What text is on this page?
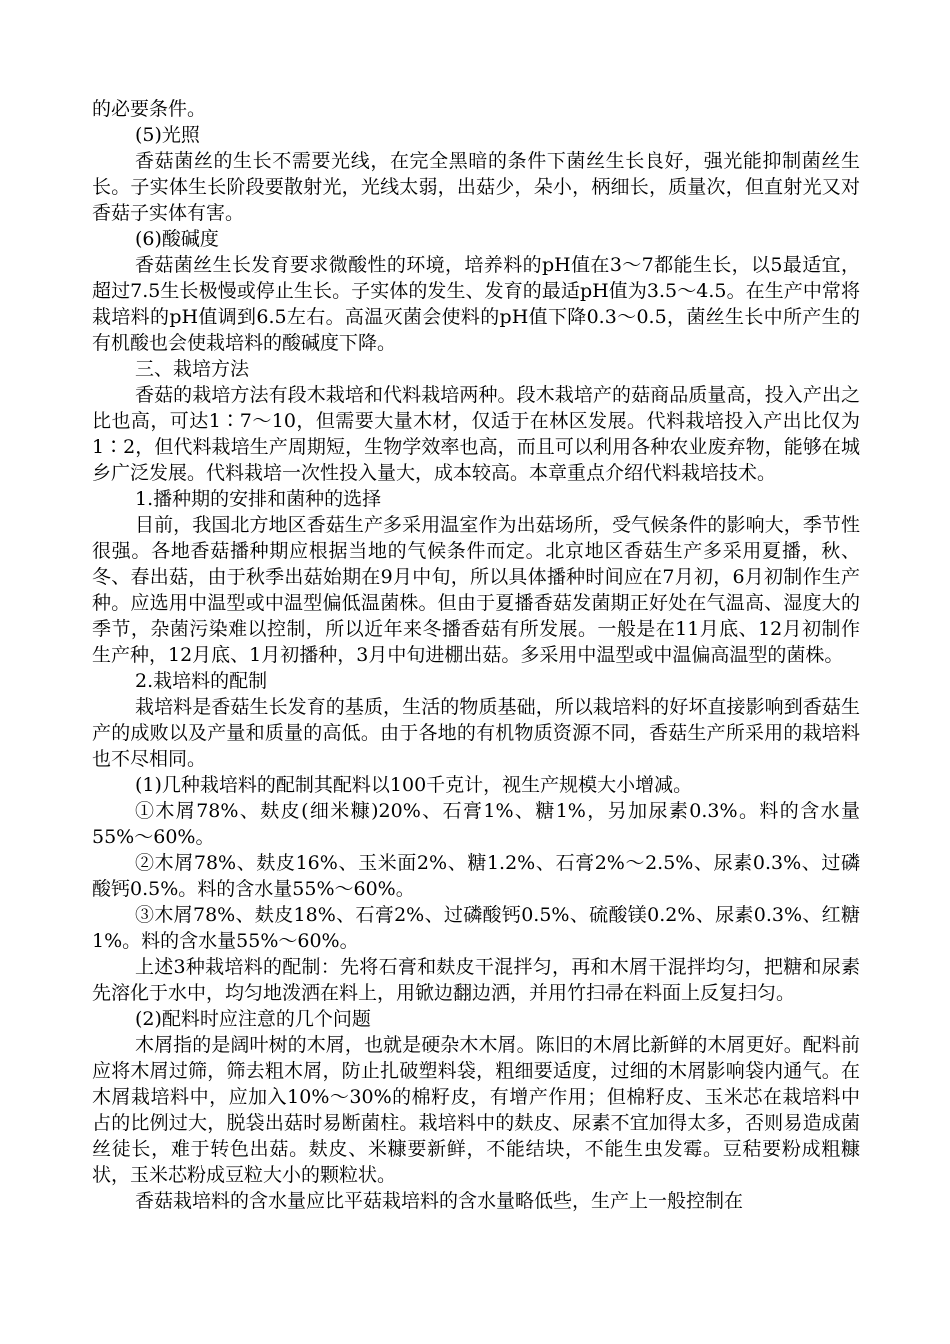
的必要条件。

(5)光照

香菇菌丝的生长不需要光线，在完全黑暗的条件下菌丝生长良好，强光能抑制菌丝生长。子实体生长阶段要散射光，光线太弱，出菇少，朵小，柄细长，质量次，但直射光又对香菇子实体有害。

(6)酸碱度

香菇菌丝生长发育要求微酸性的环境，培养料的pH值在3～7都能生长，以5最适宜，超过7.5生长极慢或停止生长。子实体的发生、发育的最适pH值为3.5～4.5。在生产中常将栽培料的pH值调到6.5左右。高温灭菌会使料的pH值下降0.3～0.5，菌丝生长中所产生的有机酸也会使栽培料的酸碱度下降。

三、栽培方法

香菇的栽培方法有段木栽培和代料栽培两种。段木栽培产的菇商品质量高，投入产出之比也高，可达1∶7～10，但需要大量木材，仅适于在林区发展。代料栽培投入产出比仅为1∶2，但代料栽培生产周期短，生物学效率也高，而且可以利用各种农业废弃物，能够在城乡广泛发展。代料栽培一次性投入量大，成本较高。本章重点介绍代料栽培技术。

1.播种期的安排和菌种的选择

目前，我国北方地区香菇生产多采用温室作为出菇场所，受气候条件的影响大，季节性很强。各地香菇播种期应根据当地的气候条件而定。北京地区香菇生产多采用夏播，秋、冬、春出菇，由于秋季出菇始期在9月中旬，所以具体播种时间应在7月初，6月初制作生产种。应选用中温型或中温型偏低温菌株。但由于夏播香菇发菌期正好处在气温高、湿度大的季节，杂菌污染难以控制，所以近年来冬播香菇有所发展。一般是在11月底、12月初制作生产种，12月底、1月初播种，3月中旬进棚出菇。多采用中温型或中温偏高温型的菌株。

2.栽培料的配制

栽培料是香菇生长发育的基质，生活的物质基础，所以栽培料的好坏直接影响到香菇生产的成败以及产量和质量的高低。由于各地的有机物质资源不同，香菇生产所采用的栽培料也不尽相同。

(1)几种栽培料的配制其配料以100千克计，视生产规模大小增减。

①木屑78%、麸皮(细米糠)20%、石膏1%、糖1%，另加尿素0.3%。料的含水量55%～60%。

②木屑78%、麸皮16%、玉米面2%、糖1.2%、石膏2%～2.5%、尿素0.3%、过磷酸钙0.5%。料的含水量55%～60%。

③木屑78%、麸皮18%、石膏2%、过磷酸钙0.5%、硫酸镁0.2%、尿素0.3%、红糖1%。料的含水量55%～60%。

上述3种栽培料的配制：先将石膏和麸皮干混拌匀，再和木屑干混拌均匀，把糖和尿素先溶化于水中，均匀地泼洒在料上，用锨边翻边洒，并用竹扫帚在料面上反复扫匀。

(2)配料时应注意的几个问题

木屑指的是阔叶树的木屑，也就是硬杂木木屑。陈旧的木屑比新鲜的木屑更好。配料前应将木屑过筛，筛去粗木屑，防止扎破塑料袋，粗细要适度，过细的木屑影响袋内通气。在木屑栽培料中，应加入10%～30%的棉籽皮，有增产作用；但棉籽皮、玉米芯在栽培料中占的比例过大，脱袋出菇时易断菌柱。栽培料中的麸皮、尿素不宜加得太多，否则易造成菌丝徒长，难于转色出菇。麸皮、米糠要新鲜，不能结块，不能生虫发霉。豆秸要粉成粗糠状，玉米芯粉成豆粒大小的颗粒状。

香菇栽培料的含水量应比平菇栽培料的含水量略低些，生产上一般控制在
